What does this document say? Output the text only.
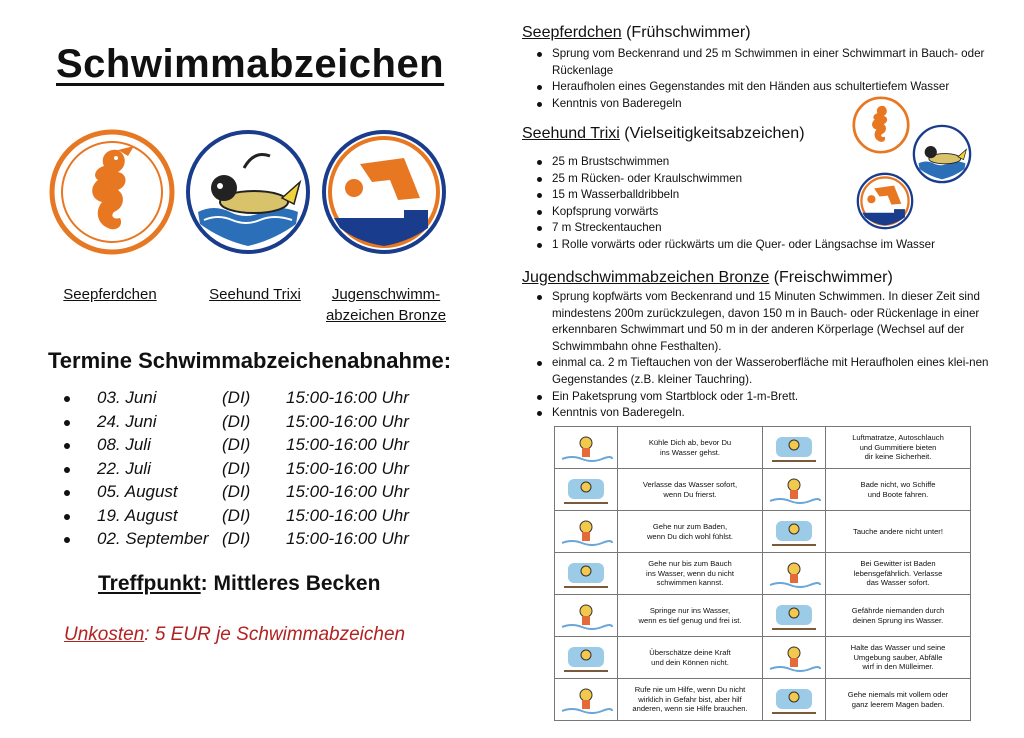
Schwimmabzeichen
Seepferdchen	Seehund Trixi	Jugenschwimm-
abzeichen Bronze
Termine Schwimmabzeichenabnahme:
03. Juni	(DI) 15:00-16:00 Uhr
24. Juni	(DI) 15:00-16:00 Uhr
08. Juli	(DI) 15:00-16:00 Uhr
22. Juli	(DI) 15:00-16:00 Uhr
05. August	(DI) 15:00-16:00 Uhr
19. August	(DI) 15:00-16:00 Uhr
02. September (DI) 15:00-16:00 Uhr
Treffpunkt: Mittleres Becken
Unkosten: 5 EUR je Schwimmabzeichen
Seepferdchen (Frühschwimmer)
Sprung vom Beckenrand und 25 m Schwimmen in einer Schwimmart in Bauch- oder Rückenlage
Heraufholen eines Gegenstandes mit den Händen aus schultertiefem Wasser
Kenntnis von Baderegeln
Seehund Trixi (Vielseitigkeitsabzeichen)
25 m Brustschwimmen
25 m Rücken- oder Kraulschwimmen
15 m Wasserballdribbeln
Kopfsprung vorwärts
7 m Streckentauchen
1 Rolle vorwärts oder rückwärts um die Quer- oder Längsachse im Wasser
Jugendschwimmabzeichen Bronze (Freischwimmer)
Sprung kopfwärts vom Beckenrand und 15 Minuten Schwimmen. In dieser Zeit sind mindestens 200m zurückzulegen, davon 150 m in Bauch- oder Rückenlage in einer erkennbaren Schwimmart und 50 m in der anderen Körperlage (Wechsel auf der Schwimmbahn ohne Festhalten).
einmal ca. 2 m Tieftauchen von der Wasseroberfläche mit Heraufholen eines klei-nen Gegenstandes (z.B. kleiner Tauchring).
Ein Paketsprung vom Startblock oder 1-m-Brett.
Kenntnis von Baderegeln.
	Kühle Dich ab, bevor Du
ins Wasser gehst.		Luftmatratze, Autoschlauch
und Gummitiere bieten
dir keine Sicherheit.

	Verlasse das Wasser sofort,
wenn Du frierst.		Bade nicht, wo Schiffe
und Boote fahren.

	Gehe nur zum Baden,
wenn Du dich wohl fühlst.		Tauche andere nicht unter!

	Gehe nur bis zum Bauch
ins Wasser, wenn du nicht
schwimmen kannst.		Bei Gewitter ist Baden
lebensgefährlich. Verlasse
das Wasser sofort.

	Springe nur ins Wasser,
wenn es tief genug und frei ist.		Gefährde niemanden durch
deinen Sprung ins Wasser.

	Überschätze deine Kraft
und dein Können nicht.		Halte das Wasser und seine
Umgebung sauber, Abfälle
wirf in den Mülleimer.

	Rufe nie um Hilfe, wenn Du nicht
wirklich in Gefahr bist, aber hilf
anderen, wenn sie Hilfe brauchen.		Gehe niemals mit vollem oder
ganz leerem Magen baden.
